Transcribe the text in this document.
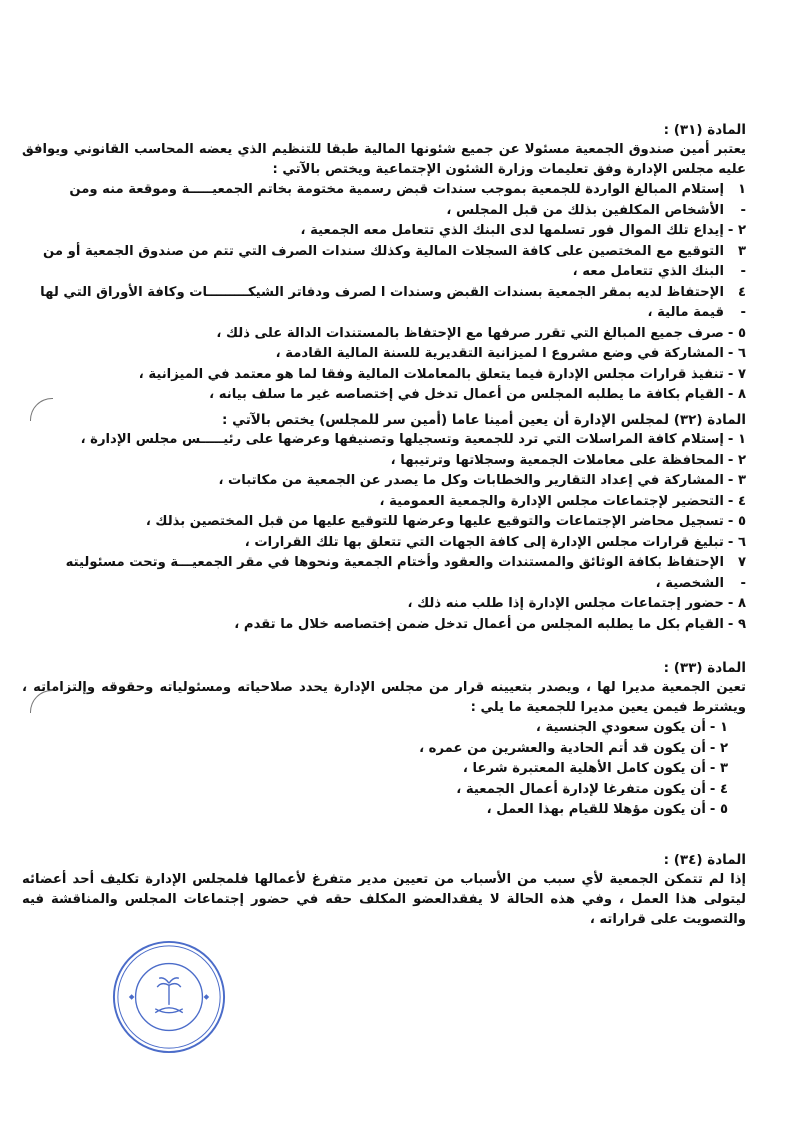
المادة (٣١) :
يعتبر أمين صندوق الجمعية مسئولا عن جميع شئونها المالية طبقا للتنظيم الذي يعضه المحاسب القانوني ويوافق عليه مجلس الإدارة وفق تعليمات وزارة الشئون الإجتماعية ويختص بالآتي :
١ -
إستلام المبالغ الواردة للجمعية بموجب سندات قبض رسمية مختومة بخاتم الجمعيـــــة وموقعة منه ومن الأشخاص المكلفين بذلك من قبل المجلس ،
٢ -
إيداع تلك الموال فور تسلمها لدى البنك الذي تتعامل معه الجمعية ،
٣ -
التوقيع مع المختصين على كافة السجلات المالية وكذلك سندات الصرف التي تتم من صندوق الجمعية أو من البنك الذي تتعامل معه ،
٤ -
الإحتفاظ لديه بمقر الجمعية بسندات القبض وسندات ا لصرف ودفاتر الشيكـــــــــات وكافة الأوراق التي لها قيمة مالية ،
٥ -
صرف جميع المبالغ التي تقرر صرفها مع الإحتفاظ بالمستندات الدالة على ذلك ،
٦ -
المشاركة في وضع مشروع ا لميزانية التقديرية للسنة المالية القادمة ،
٧ -
تنفيذ قرارات مجلس الإدارة فيما يتعلق بالمعاملات المالية وفقا لما هو معتمد في الميزانية ،
٨ -
القيام بكافة ما يطلبه المجلس من أعمال تدخل في إختصاصه غير ما سلف بيانه ،
المادة (٣٢) لمجلس الإدارة أن يعين أمينا عاما (أمين سر للمجلس) يختص بالآتي :
١ -
إستلام كافة المراسلات التي ترد للجمعية وتسجيلها وتصنيفها وعرضها على رئيـــــس مجلس الإدارة ،
٢ -
المحافظة على معاملات الجمعية وسجلاتها وترتيبها ،
٣ -
المشاركة في إعداد التقارير والخطابات وكل ما يصدر عن الجمعية من مكاتبات ،
٤ -
التحضير لإجتماعات مجلس الإدارة والجمعية العمومية ،
٥ -
تسجيل محاضر الإجتماعات والتوقيع عليها وعرضها للتوقيع عليها من قبل المختصين بذلك ،
٦ -
تبليغ قرارات مجلس الإدارة إلى كافة الجهات التي تتعلق بها تلك القرارات ،
٧ -
الإحتفاظ بكافة الوثائق والمستندات والعقود وأختام الجمعية ونحوها في مقر الجمعيـــة وتحت مسئوليته الشخصية ،
٨ -
حضور إجتماعات مجلس الإدارة إذا طلب منه ذلك ،
٩ -
القيام بكل ما يطلبه المجلس من أعمال تدخل ضمن إختصاصه خلال ما تقدم ،
المادة (٣٣) :
تعين الجمعية مديرا لها ، ويصدر بتعيينه قرار من مجلس الإدارة يحدد صلاحياته ومسئولياته وحقوقه وإلتزاماته ، ويشترط فيمن يعين مديرا للجمعية ما يلي :
١ -
أن يكون سعودي الجنسية ،
٢ -
أن يكون قد أتم الحادية والعشرين من عمره ،
٣ -
أن يكون كامل الأهلية المعتبرة شرعا ،
٤ -
أن يكون متفرغا لإدارة أعمال الجمعية ،
٥ -
أن يكون مؤهلا للقيام بهذا العمل ،
المادة (٣٤) :
إذا لم تتمكن الجمعية لأي سبب من الأسباب من تعيين مدير متفرغ لأعمالها فلمجلس الإدارة تكليف أحد أعضائه ليتولى هذا العمل ، وفي هذه الحالة لا يفقدالعضو المكلف حقه في حضور إجتماعات المجلس والمناقشة فيه والتصويت على قراراته ،
